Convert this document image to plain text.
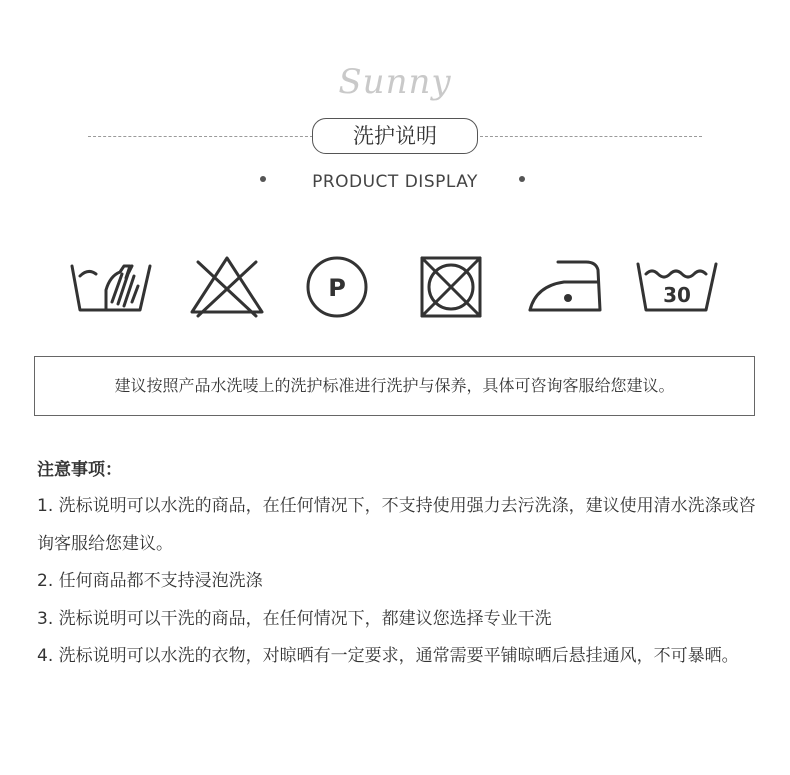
Sunny
洗护说明
PRODUCT DISPLAY
P	30
建议按照产品水洗唛上的洗护标准进行洗护与保养，具体可咨询客服给您建议。
注意事项：
1. 洗标说明可以水洗的商品，在任何情况下，不支持使用强力去污洗涤，建议使用清水洗涤或咨询客服给您建议。
2. 任何商品都不支持浸泡洗涤
3. 洗标说明可以干洗的商品，在任何情况下，都建议您选择专业干洗
4. 洗标说明可以水洗的衣物，对晾晒有一定要求，通常需要平铺晾晒后悬挂通风，不可暴晒。
